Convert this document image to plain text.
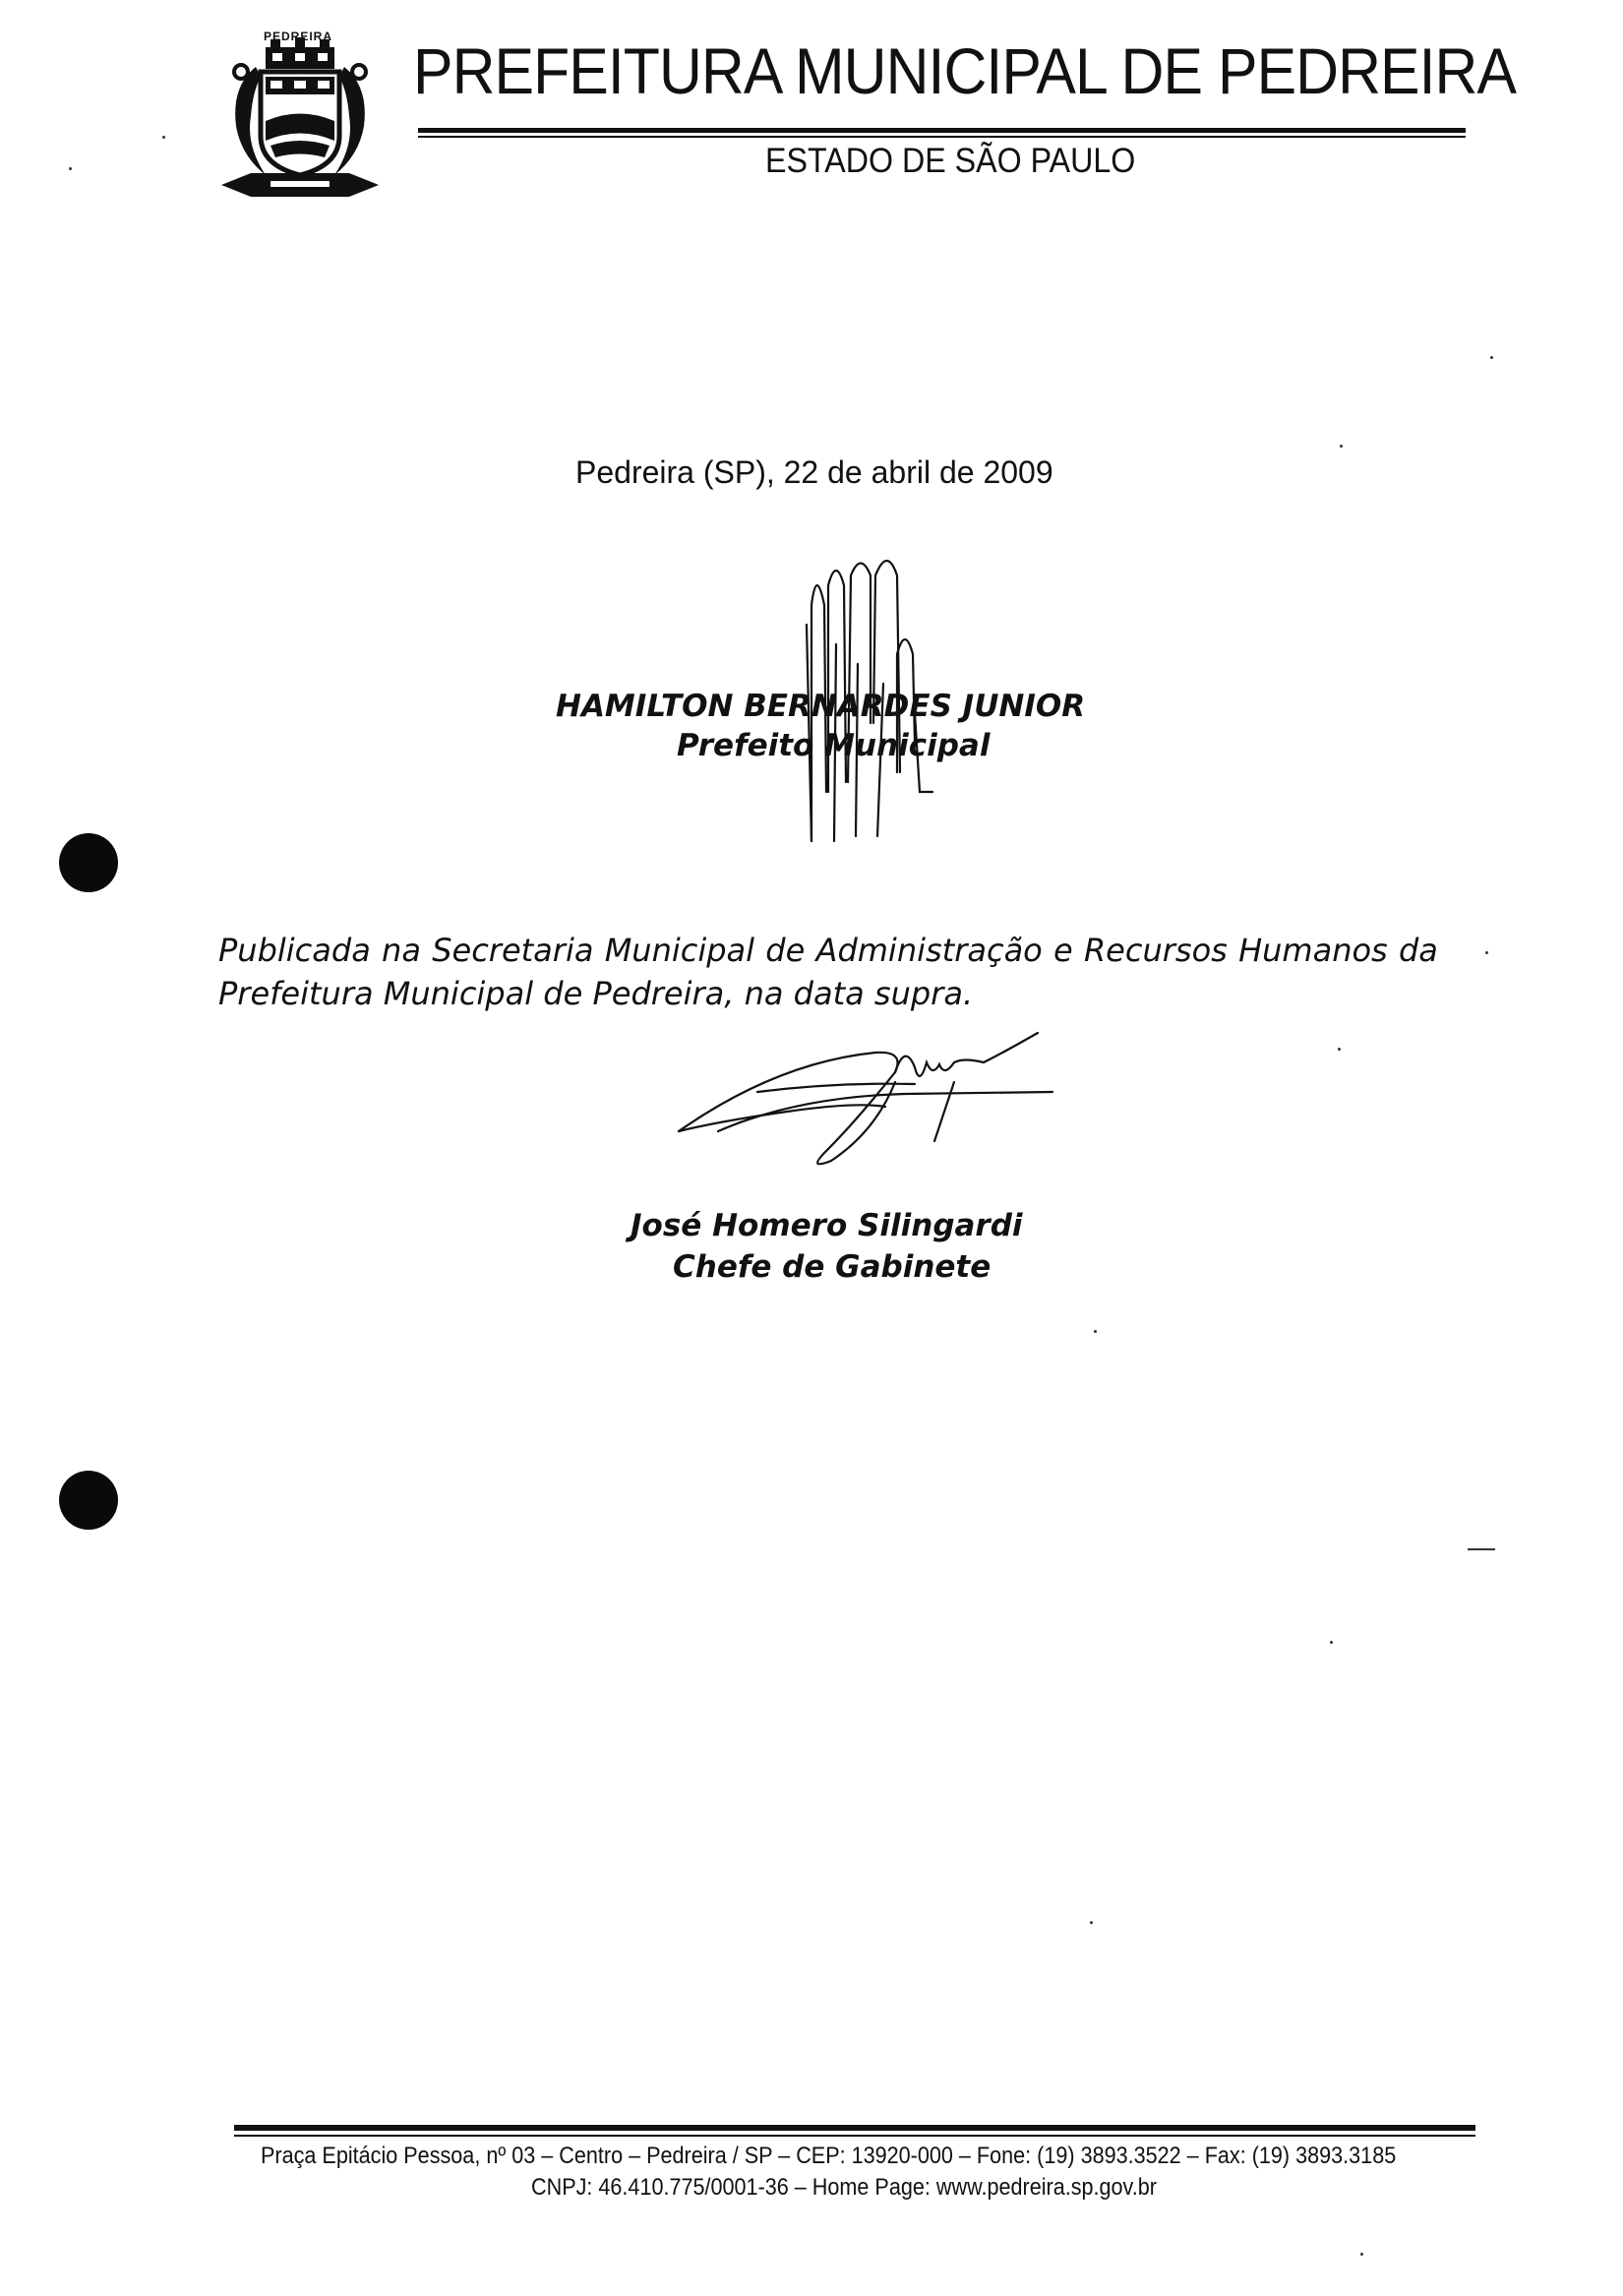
PEDREIRA PREFEITURA MUNICIPAL DE PEDREIRA
ESTADO DE SÃO PAULO
Pedreira (SP), 22 de abril de 2009
HAMILTON BERNARDES JUNIOR
Prefeito Municipal
Publicada na Secretaria Municipal de Administração e Recursos Humanos da
Prefeitura Municipal de Pedreira, na data supra.
José Homero Silingardi
Chefe de Gabinete
Praça Epitácio Pessoa, nº 03 – Centro – Pedreira / SP – CEP: 13920-000 – Fone: (19) 3893.3522 – Fax: (19) 3893.3185
CNPJ: 46.410.775/0001-36 – Home Page: www.pedreira.sp.gov.br
